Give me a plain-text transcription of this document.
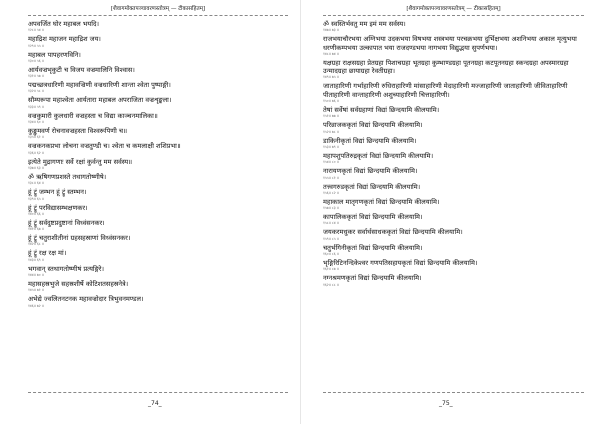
[शैवागमोक्तपञ्चावरणस्तोत्रम् — टीकासहितम्]
अपवर्जित घोर महाबल भयदि।
१२८॥ ५४ ॥
महाद्रिश महाजन महाद्रिश जय।
१२९॥ ५५ ॥
महाबल पापहरणविनि।
१३०॥ ५६ ॥
आर्यवज्रभृकुटी च विजय वज्रमालिनि विश्वास।
१३१॥ ५७ ॥
पद्मच्छत्रधारिणी महावज्रिणी वज्रधारिणी शान्ता श्वेता पुष्पाङ्गी।
१३२॥ ५८ ॥
सौम्यरूपा महाश्वेता आर्यतारा महाबल अपराजिता वज्रशृङ्खला।
१३३॥ ५९ ॥
वज्रकुमारी कुलधारी वज्रहस्ता च विद्या काञ्चनमालिका॥
१३४॥ ६० ॥
कुङ्कुमवर्ण रोचनावज्रहस्ता विश्वरूपिणी च॥
१३५॥ ६१ ॥
वज्रकनकप्रभा लोचना वज्रतुण्डी च। श्वेता च कमलाक्षी शशिप्रभा॥
१३६॥ ६२ ॥
इत्येते मुद्रागणाः सर्वे रक्षां कुर्वन्तु मम सर्वस्य॥
१३७॥ ६३ ॥
ॐ ऋषिगणप्रशस्ते तथागतोष्णीषे।
१३८॥ ६४ ॥
हूं ट्रूं जम्भन हूं ट्रूं स्तम्भन।
१३९॥ ६५ ॥
हूं ट्रूं परविद्यासम्भक्षणकर।
१४०॥ ६६ ॥
हूं ट्रूं सर्वदुष्टप्रदुष्टानां विध्वंसनकर।
१४१॥ ६७ ॥
हूं ट्रूं चतुराशीतीनां ग्रहसहस्राणां विध्वंसनकर।
१४२॥ ६८ ॥
हूं ट्रूं रक्ष रक्ष मां।
१४३॥ ६९ ॥
भगवान् स्तथागतोष्णीषं प्रत्यङ्गिरे।
१४४॥ ७० ॥
महासहस्रभुजे सहस्रशीर्षे कोटिशतसहस्रनेत्रे।
१४५॥ ७१ ॥
अभेद्ये ज्वलितनटनक महावज्रोदार त्रिभुवनमण्डल।
१४६॥ ७२ ॥
_74_
[शैवागमोक्तपञ्चावरणस्तोत्रम् — टीकासहितम्]
ॐ स्वस्तिर्भवतु मम इमं मम सर्वस्य।
१४७॥ ७३ ॥
राजभयाचौरभया अग्निभया उदकभया विषभया शस्त्रभया परचक्रभया दुर्भिक्षभया अशनिभया अकाल मृत्युभया धरणीकम्पभया उल्कापात भया राजदण्डभया नागभया विद्युद्भया सुपर्णभया।
१४८॥ ७४ ॥
यक्षग्रहा राक्षसग्रहा प्रेतग्रहा पिशाचग्रहा भूतग्रहा कुम्भाण्डग्रहा पूतनग्रहा कटपूतनग्रहा स्कन्दग्रहा अपस्मारग्रहा उन्मादग्रहा छायाग्रहा रेवतीग्रहा।
१४९॥ ७५ ॥
जाताहारिणी गर्भाहारिणी रुधिराहारिणी मांसाहारिणी मेदाहारिणी मज्जाहारिणी जाताहारिणी जीविताहारिणी पीताहारिणी वान्ताहारिणी अशुच्याहारिणी चित्ताहारिणी।
१५०॥ ७६ ॥
तेषां सर्वेषां सर्वग्रहाणां विद्यां छिन्दयामि कीलयामि।
१५१॥ ७७ ॥
परिव्राजककृतां विद्यां छिन्दयामि कीलयामि।
१५२॥ ७८ ॥
डाकिनीकृतां विद्यां छिन्दयामि कीलयामि।
१५३॥ ७९ ॥
महापशुपतिरुद्रकृतां विद्यां छिन्दयामि कीलयामि।
१५४॥ ८० ॥
नारायणकृतां विद्यां छिन्दयामि कीलयामि।
१५५॥ ८१ ॥
तत्त्वगरुडकृतां विद्यां छिन्दयामि कीलयामि।
१५६॥ ८२ ॥
महाकाल मातृगणकृतां विद्यां छिन्दयामि कीलयामि।
१५७॥ ८३ ॥
कापालिककृतां विद्यां छिन्दयामि कीलयामि।
१५८॥ ८४ ॥
जयकरमधुकर सर्वार्थसाधककृतां विद्यां छिन्दयामि कीलयामि।
१५९॥ ८५ ॥
चतुर्भगिनीकृतां विद्यां छिन्दयामि कीलयामि।
१६०॥ ८६ ॥
भृङ्गिरिटिनन्दिकेश्वर गणपतिसहायकृतां विद्यां छिन्दयामि कीलयामि।
१६१॥ ८७ ॥
नग्नश्रमणकृतां विद्यां छिन्दयामि कीलयामि।
१६२॥ ८८ ॥
_75_
